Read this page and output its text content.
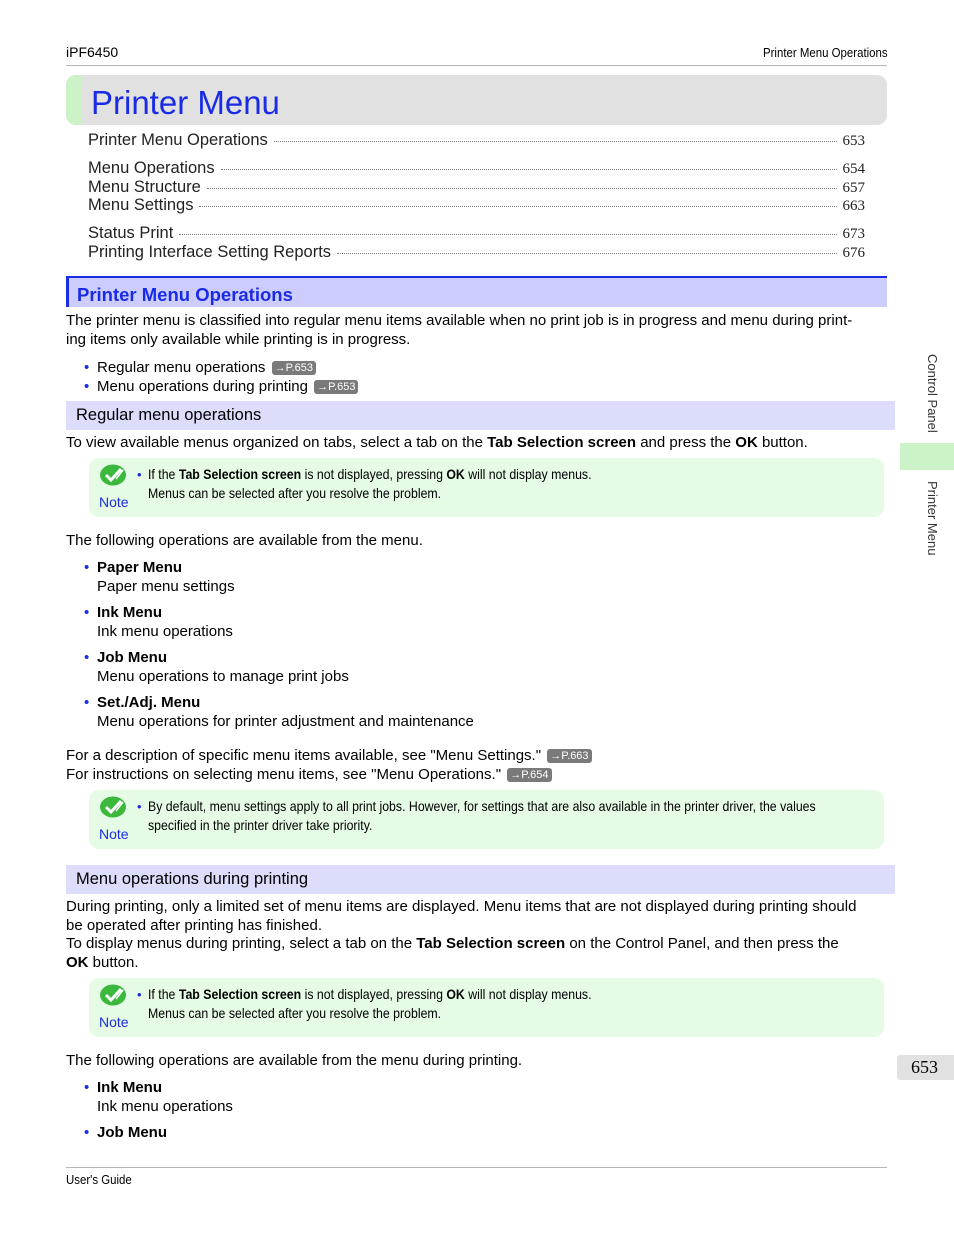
iPF6450	Printer Menu Operations
Printer Menu
Printer Menu Operations	653
Menu Operations	654
Menu Structure	657
Menu Settings	663
Status Print	673
Printing Interface Setting Reports	676
Printer Menu Operations
The printer menu is classified into regular menu items available when no print job is in progress and menu during print-
ing items only available while printing is in progress.
• Regular menu operations →P.653
• Menu operations during printing →P.653
Regular menu operations
To view available menus organized on tabs, select a tab on the Tab Selection screen and press the OK button.
Note
• If the Tab Selection screen is not displayed, pressing OK will not display menus.
Menus can be selected after you resolve the problem.
The following operations are available from the menu.
• Paper Menu
Paper menu settings
• Ink Menu
Ink menu operations
• Job Menu
Menu operations to manage print jobs
• Set./Adj. Menu
Menu operations for printer adjustment and maintenance
For a description of specific menu items available, see "Menu Settings." →P.663
For instructions on selecting menu items, see "Menu Operations." →P.654
Note
• By default, menu settings apply to all print jobs. However, for settings that are also available in the printer driver, the values
specified in the printer driver take priority.
Menu operations during printing
During printing, only a limited set of menu items are displayed. Menu items that are not displayed during printing should
be operated after printing has finished.
To display menus during printing, select a tab on the Tab Selection screen on the Control Panel, and then press the
OK button.
Note
• If the Tab Selection screen is not displayed, pressing OK will not display menus.
Menus can be selected after you resolve the problem.
The following operations are available from the menu during printing.
• Ink Menu
Ink menu operations
• Job Menu
Control Panel
Printer Menu
653
User's Guide
